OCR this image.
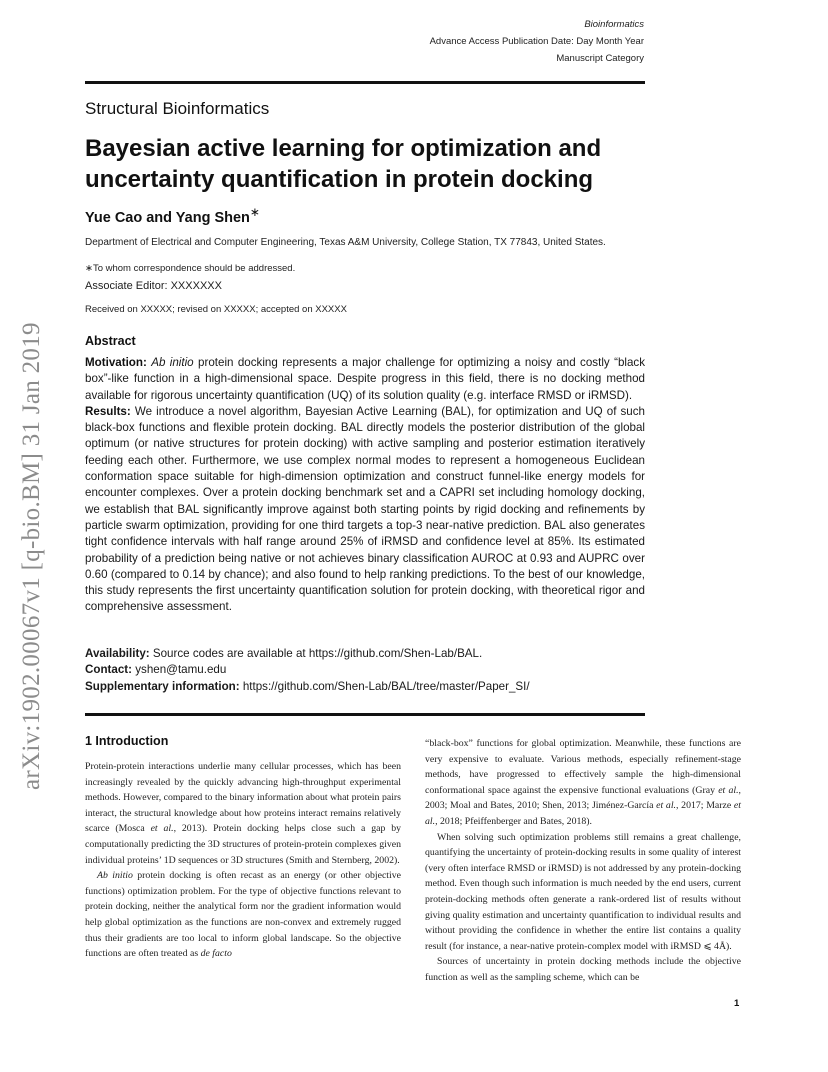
Bioinformatics
Advance Access Publication Date: Day Month Year
Manuscript Category
arXiv:1902.00067v1 [q-bio.BM] 31 Jan 2019
Structural Bioinformatics
Bayesian active learning for optimization and uncertainty quantification in protein docking
Yue Cao and Yang Shen∗
Department of Electrical and Computer Engineering, Texas A&M University, College Station, TX 77843, United States.
∗To whom correspondence should be addressed.
Associate Editor: XXXXXXX
Received on XXXXX; revised on XXXXX; accepted on XXXXX
Abstract

Motivation: Ab initio protein docking represents a major challenge for optimizing a noisy and costly “black box”-like function in a high-dimensional space. Despite progress in this field, there is no docking method available for rigorous uncertainty quantification (UQ) of its solution quality (e.g. interface RMSD or iRMSD).

Results: We introduce a novel algorithm, Bayesian Active Learning (BAL), for optimization and UQ of such black-box functions and flexible protein docking. BAL directly models the posterior distribution of the global optimum (or native structures for protein docking) with active sampling and posterior estimation iteratively feeding each other. Furthermore, we use complex normal modes to represent a homogeneous Euclidean conformation space suitable for high-dimension optimization and construct funnel-like energy models for encounter complexes. Over a protein docking benchmark set and a CAPRI set including homology docking, we establish that BAL significantly improve against both starting points by rigid docking and refinements by particle swarm optimization, providing for one third targets a top-3 near-native prediction. BAL also generates tight confidence intervals with half range around 25% of iRMSD and confidence level at 85%. Its estimated probability of a prediction being native or not achieves binary classification AUROC at 0.93 and AUPRC over 0.60 (compared to 0.14 by chance); and also found to help ranking predictions. To the best of our knowledge, this study represents the first uncertainty quantification solution for protein docking, with theoretical rigor and comprehensive assessment.

Availability: Source codes are available at https://github.com/Shen-Lab/BAL.

Contact: yshen@tamu.edu

Supplementary information: https://github.com/Shen-Lab/BAL/tree/master/Paper_SI/

1 Introduction

Protein-protein interactions underlie many cellular processes, which has been increasingly revealed by the quickly advancing high-throughput experimental methods. However, compared to the binary information about what protein pairs interact, the structural knowledge about how proteins interact remains relatively scarce (Mosca et al., 2013). Protein docking helps close such a gap by computationally predicting the 3D structures of protein-protein complexes given individual proteins’ 1D sequences or 3D structures (Smith and Sternberg, 2002).

Ab initio protein docking is often recast as an energy (or other objective functions) optimization problem. For the type of objective functions relevant to protein docking, neither the analytical form nor the gradient information would help global optimization as the functions are non-convex and extremely rugged thus their gradients are too local to inform global landscape. So the objective functions are often treated as de facto

“black-box” functions for global optimization. Meanwhile, these functions are very expensive to evaluate. Various methods, especially refinement-stage methods, have progressed to effectively sample the high-dimensional conformational space against the expensive functional evaluations (Gray et al., 2003; Moal and Bates, 2010; Shen, 2013; Jiménez-García et al., 2017; Marze et al., 2018; Pfeiffenberger and Bates, 2018).

When solving such optimization problems still remains a great challenge, quantifying the uncertainty of protein-docking results in some quality of interest (very often interface RMSD or iRMSD) is not addressed by any protein-docking method. Even though such information is much needed by the end users, current protein-docking methods often generate a rank-ordered list of results without giving quality estimation and uncertainty quantification to individual results and without providing the confidence in whether the entire list contains a quality result (for instance, a near-native protein-complex model with iRMSD ⩽ 4Å).

Sources of uncertainty in protein docking methods include the objective function as well as the sampling scheme, which can be

1
